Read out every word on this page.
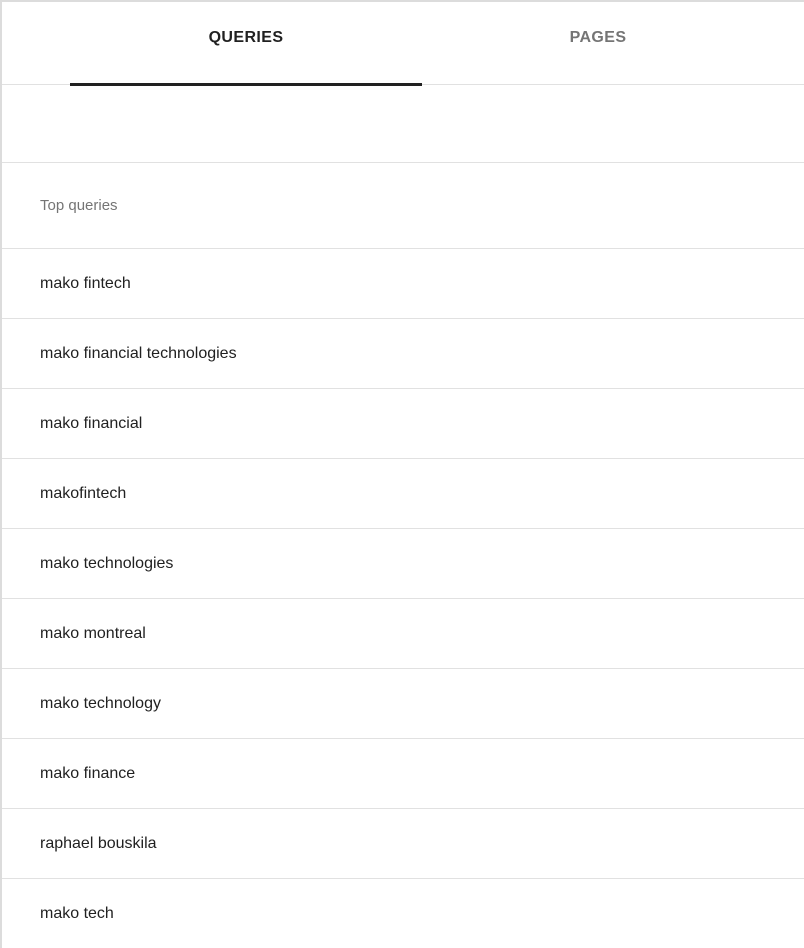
QUERIES	PAGES
Top queries
mako fintech
mako financial technologies
mako financial
makofintech
mako technologies
mako montreal
mako technology
mako finance
raphael bouskila
mako tech
